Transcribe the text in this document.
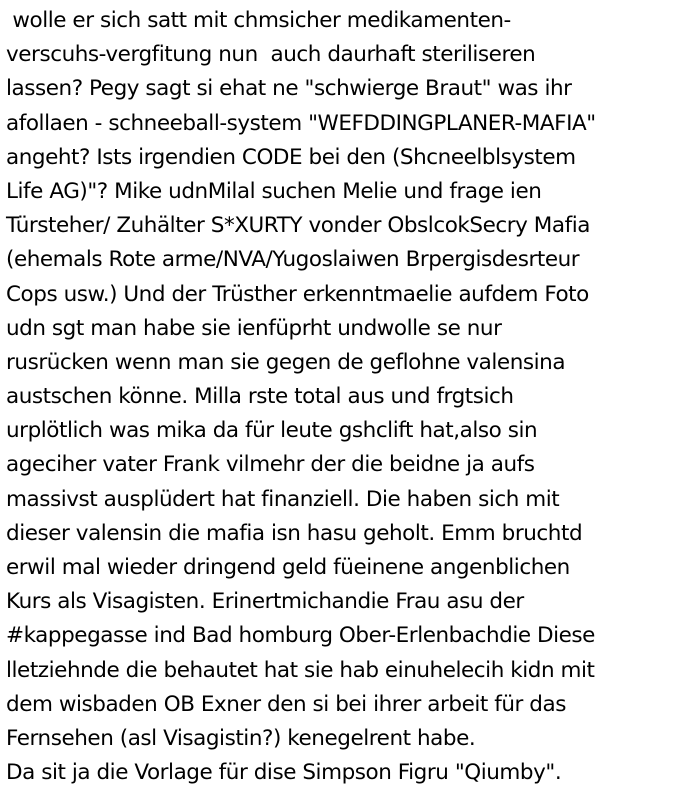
wolle er sich satt mit chmsicher medikamenten-
verscuhs-vergfitung nun  auch daurhaft steriliseren
lassen? Pegy sagt si ehat ne "schwierge Braut" was ihr
afollaen - schneeball-system "WEFDDINGPLANER-MAFIA"
angeht? Ists irgendien CODE bei den (Shcneelblsystem
Life AG)"? Mike udnMilal suchen Melie und frage ien
Türsteher/ Zuhälter S*XURTY vonder ObslcokSecry Mafia
(ehemals Rote arme/NVA/Yugoslaiwen Brpergisdesrteur
Cops usw.) Und der Trüsther erkenntmaelie aufdem Foto
udn sgt man habe sie ienfüprht undwolle se nur
rusrücken wenn man sie gegen de geflohne valensina
austschen könne. Milla rste total aus und frgtsich
urplötlich was mika da für leute gshclift hat,also sin
ageciher vater Frank vilmehr der die beidne ja aufs
massivst ausplüdert hat finanziell. Die haben sich mit
dieser valensin die mafia isn hasu geholt. Emm bruchtd
erwil mal wieder dringend geld füeinene angenblichen
Kurs als Visagisten. Erinertmichandie Frau asu der
#kappegasse ind Bad homburg Ober-Erlenbachdie Diese
lletziehnde die behautet hat sie hab einuhelecih kidn mit
dem wisbaden OB Exner den si bei ihrer arbeit für das
Fernsehen (asl Visagistin?) kenegelrent habe.
Da sit ja die Vorlage für dise Simpson Figru "Qiumby".
